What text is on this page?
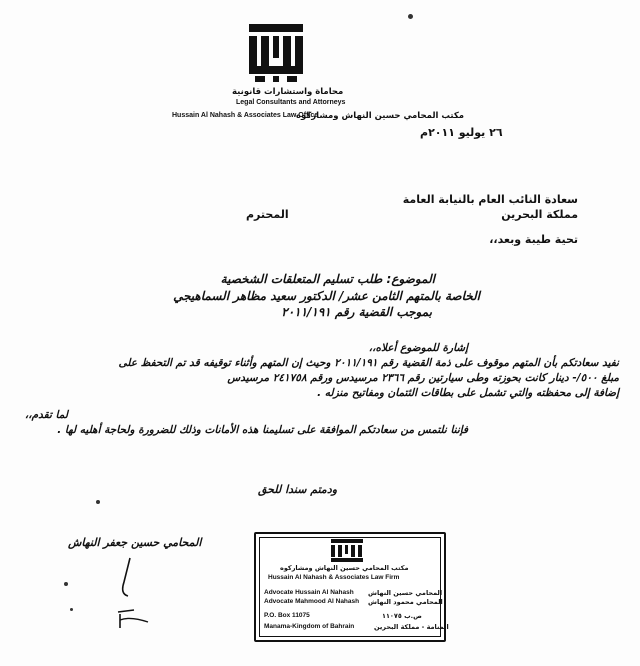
محاماة واستشارات قانونية
Legal Consultants and Attorneys
Hussain Al Nahash & Associates Law Office
مكتب المحامي حسين النهاش ومشاركوه
٢٦ يوليو ٢٠١١م
سعادة النائب العام بالنيابة العامة
مملكة البحرين
المحترم
تحية طيبة وبعد،،
الموضوع: طلب تسليم المتعلقات الشخصية
الخاصة بالمتهم الثامن عشر/ الدكتور سعيد مظاهر السماهيجي
بموجب القضية رقم ٢٠١١/١٩١
إشارة للموضوع أعلاه،،
نفيد سعادتكم بأن المتهم موقوف على ذمة القضية رقم ٢٠١١/١٩١ وحيث إن المتهم وأثناء توقيفه قد تم التحفظ على
مبلغ ٥٠٠/- دينار كانت بحوزته وطى سيارتين رقم ٢٣٦٦ مرسيدس ورقم ٢٤١٧٥٨ مرسيدس
إضافة إلى محفظته والتي تشمل على بطاقات الئتمان ومفاتيح منزله .
لما تقدم،،
فإننا نلتمس من سعادتكم الموافقة على تسليمنا هذه الأمانات وذلك للضرورة ولحاجة أهليه لها .
ودمتم سندا للحق
المحامي حسين جعفر النهاش
مكتب المحامي حسين النهاش ومشاركوه
Hussain Al Nahash & Associates Law Firm
Advocate Hussain Al Nahash المحامي حسين النهاش
Advocate Mahmood Al Nahash المحامي محمود النهاش
P.O. Box 11075	ص.ب ١١٠٧٥
Manama-Kingdom of Bahrain	المنامة - مملكة البحرين
